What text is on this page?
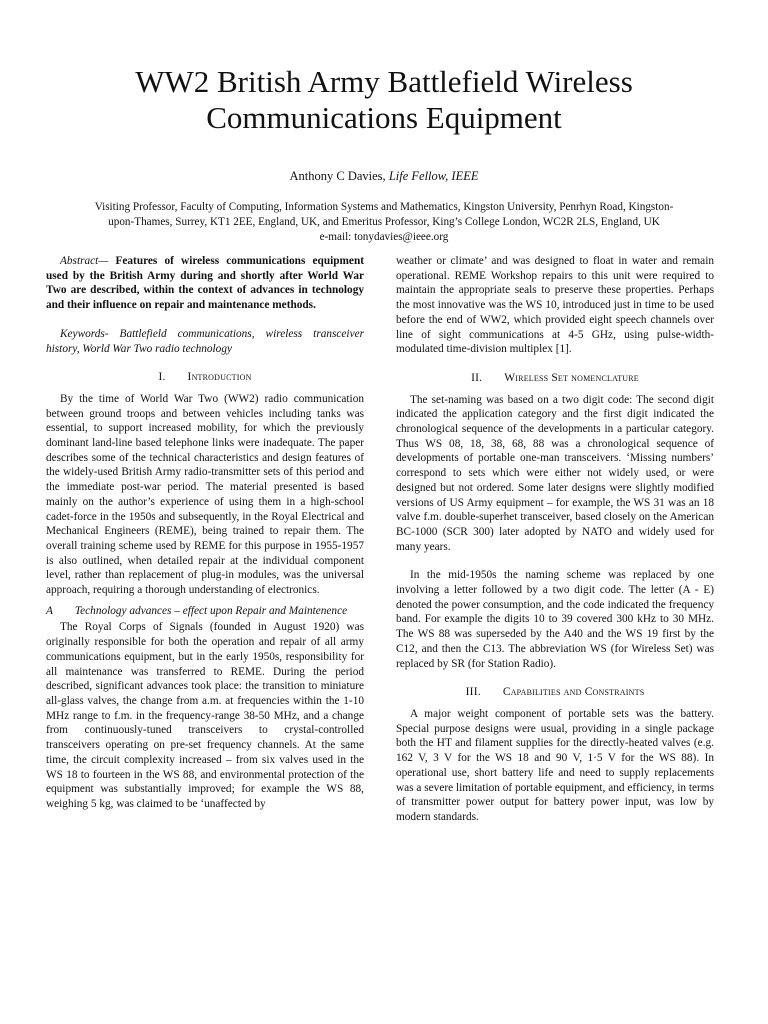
WW2 British Army Battlefield Wireless
Communications Equipment
Anthony C Davies, Life Fellow, IEEE
Visiting Professor, Faculty of Computing, Information Systems and Mathematics, Kingston University, Penrhyn Road, Kingston-
upon-Thames, Surrey, KT1 2EE, England, UK, and Emeritus Professor, King’s College London, WC2R 2LS, England, UK
e-mail: tonydavies@ieee.org

Abstract— Features of wireless communications equipment used by the British Army during and shortly after World War Two are described, within the context of advances in technology and their influence on repair and maintenance methods.

Keywords- Battlefield communications, wireless transceiver history, World War Two radio technology

I. Introduction

By the time of World War Two (WW2) radio communication between ground troops and between vehicles including tanks was essential, to support increased mobility, for which the previously dominant land-line based telephone links were inadequate. The paper describes some of the technical characteristics and design features of the widely-used British Army radio-transmitter sets of this period and the immediate post-war period. The material presented is based mainly on the author’s experience of using them in a high-school cadet-force in the 1950s and subsequently, in the Royal Electrical and Mechanical Engineers (REME), being trained to repair them. The overall training scheme used by REME for this purpose in 1955-1957 is also outlined, when detailed repair at the individual component level, rather than replacement of plug-in modules, was the universal approach, requiring a thorough understanding of electronics.

A Technology advances – effect upon Repair and Maintenence

The Royal Corps of Signals (founded in August 1920) was originally responsible for both the operation and repair of all army communications equipment, but in the early 1950s, responsibility for all maintenance was transferred to REME. During the period described, significant advances took place: the transition to miniature all-glass valves, the change from a.m. at frequencies within the 1-10 MHz range to f.m. in the frequency-range 38-50 MHz, and a change from continuously-tuned transceivers to crystal-controlled transceivers operating on pre-set frequency channels. At the same time, the circuit complexity increased – from six valves used in the WS 18 to fourteen in the WS 88, and environmental protection of the equipment was substantially improved; for example the WS 88, weighing 5 kg, was claimed to be ‘unaffected by

weather or climate’ and was designed to float in water and remain operational. REME Workshop repairs to this unit were required to maintain the appropriate seals to preserve these properties. Perhaps the most innovative was the WS 10, introduced just in time to be used before the end of WW2, which provided eight speech channels over line of sight communications at 4-5 GHz, using pulse-width-modulated time-division multiplex [1].

II. Wireless Set nomenclature

The set-naming was based on a two digit code: The second digit indicated the application category and the first digit indicated the chronological sequence of the developments in a particular category. Thus WS 08, 18, 38, 68, 88 was a chronological sequence of developments of portable one-man transceivers. ‘Missing numbers’ correspond to sets which were either not widely used, or were designed but not ordered. Some later designs were slightly modified versions of US Army equipment – for example, the WS 31 was an 18 valve f.m. double-superhet transceiver, based closely on the American BC-1000 (SCR 300) later adopted by NATO and widely used for many years.

In the mid-1950s the naming scheme was replaced by one involving a letter followed by a two digit code. The letter (A - E) denoted the power consumption, and the code indicated the frequency band. For example the digits 10 to 39 covered 300 kHz to 30 MHz. The WS 88 was superseded by the A40 and the WS 19 first by the C12, and then the C13. The abbreviation WS (for Wireless Set) was replaced by SR (for Station Radio).

III. Capabilities and Constraints

A major weight component of portable sets was the battery. Special purpose designs were usual, providing in a single package both the HT and filament supplies for the directly-heated valves (e.g. 162 V, 3 V for the WS 18 and 90 V, 1·5 V for the WS 88). In operational use, short battery life and need to supply replacements was a severe limitation of portable equipment, and efficiency, in terms of transmitter power output for battery power input, was low by modern standards.
